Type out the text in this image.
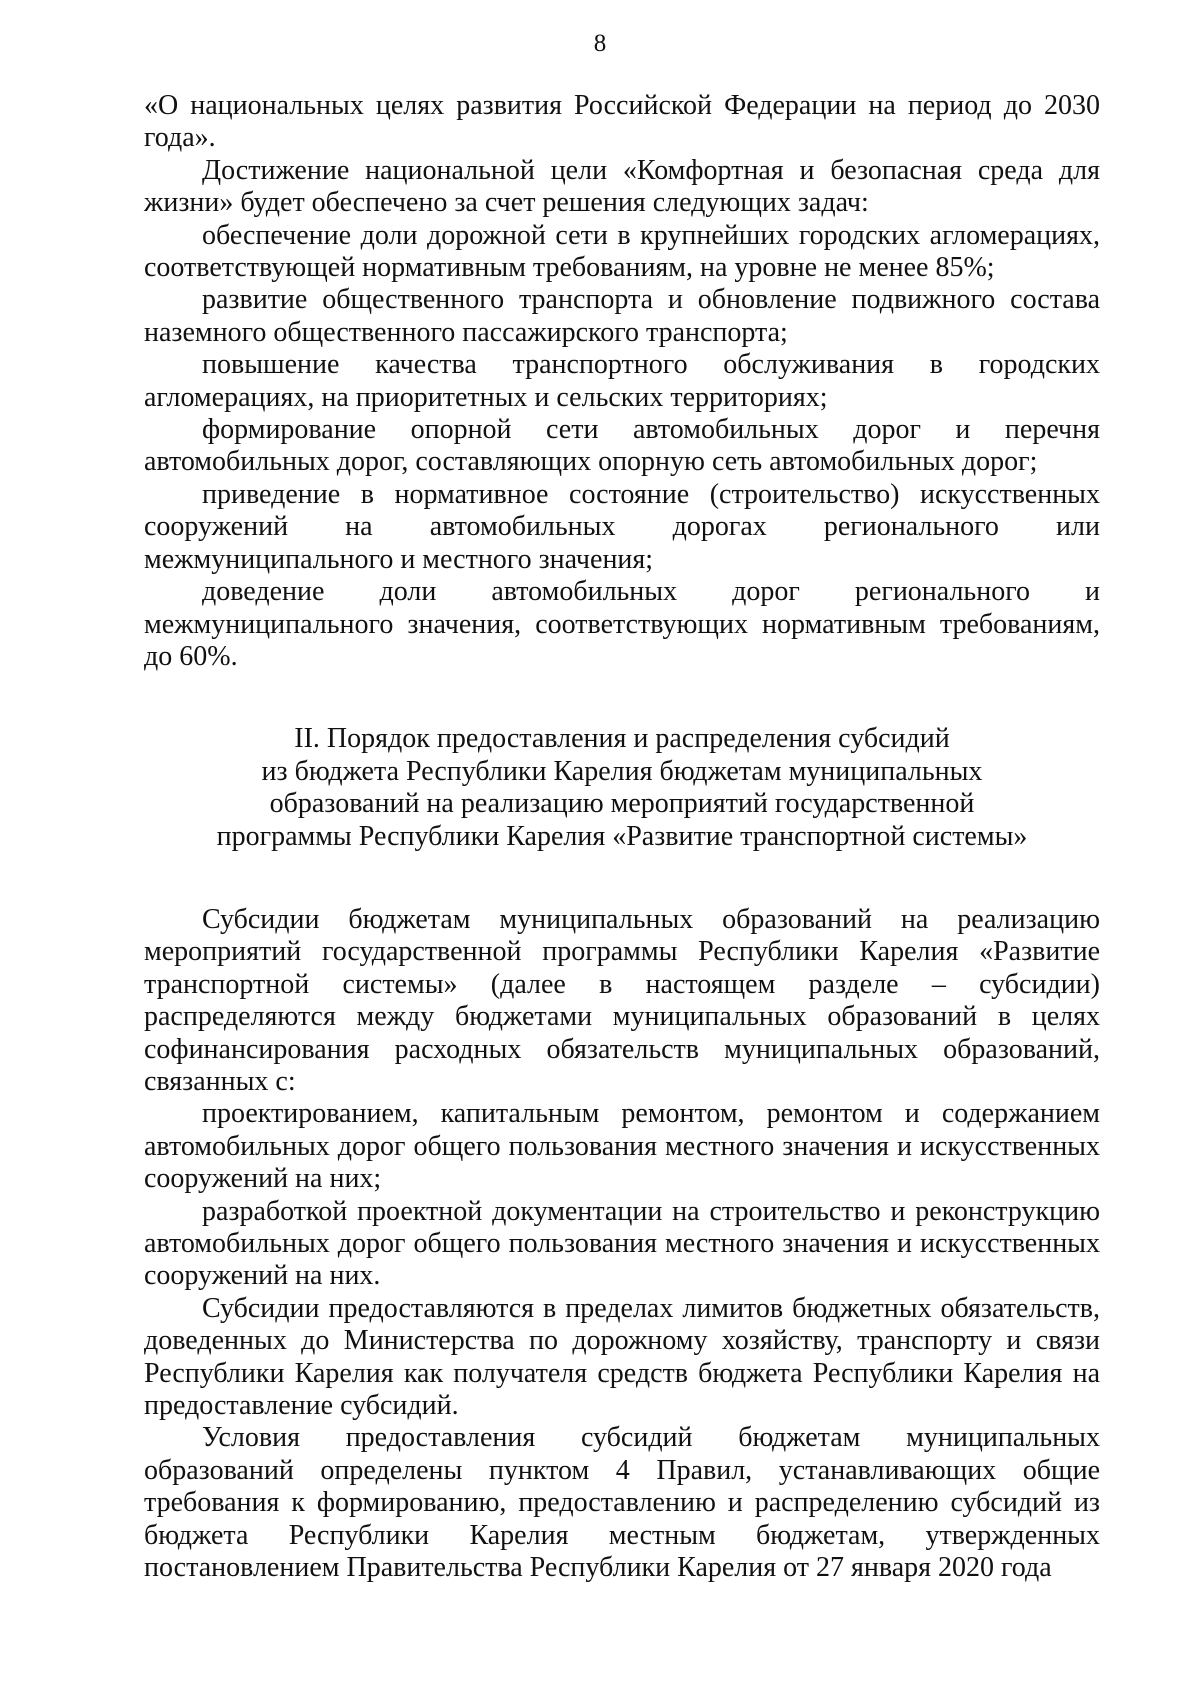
8

«О национальных целях развития Российской Федерации на период до 2030 года».

Достижение национальной цели «Комфортная и безопасная среда для жизни» будет обеспечено за счет решения следующих задач:

обеспечение доли дорожной сети в крупнейших городских агломерациях, соответствующей нормативным требованиям, на уровне не менее 85%;

развитие общественного транспорта и обновление подвижного состава наземного общественного пассажирского транспорта;

повышение качества транспортного обслуживания в городских агломерациях, на приоритетных и сельских территориях;

формирование опорной сети автомобильных дорог и перечня автомобильных дорог, составляющих опорную сеть автомобильных дорог;

приведение в нормативное состояние (строительство) искусственных сооружений на автомобильных дорогах регионального или межмуниципального и местного значения;

доведение доли автомобильных дорог регионального и межмуниципального значения, соответствующих нормативным требованиям, до 60%.

II. Порядок предоставления и распределения субсидий
из бюджета Республики Карелия бюджетам муниципальных
образований на реализацию мероприятий государственной
программы Республики Карелия «Развитие транспортной системы»

Субсидии бюджетам муниципальных образований на реализацию мероприятий государственной программы Республики Карелия «Развитие транспортной системы» (далее в настоящем разделе – субсидии) распределяются между бюджетами муниципальных образований в целях софинансирования расходных обязательств муниципальных образований, связанных с:

проектированием, капитальным ремонтом, ремонтом и содержанием автомобильных дорог общего пользования местного значения и искусственных сооружений на них;

разработкой проектной документации на строительство и реконструкцию автомобильных дорог общего пользования местного значения и искусственных сооружений на них.

Субсидии предоставляются в пределах лимитов бюджетных обязательств, доведенных до Министерства по дорожному хозяйству, транспорту и связи Республики Карелия как получателя средств бюджета Республики Карелия на предоставление субсидий.

Условия предоставления субсидий бюджетам муниципальных образований определены пунктом 4 Правил, устанавливающих общие требования к формированию, предоставлению и распределению субсидий из бюджета Республики Карелия местным бюджетам, утвержденных постановлением Правительства Республики Карелия от 27 января 2020 года
